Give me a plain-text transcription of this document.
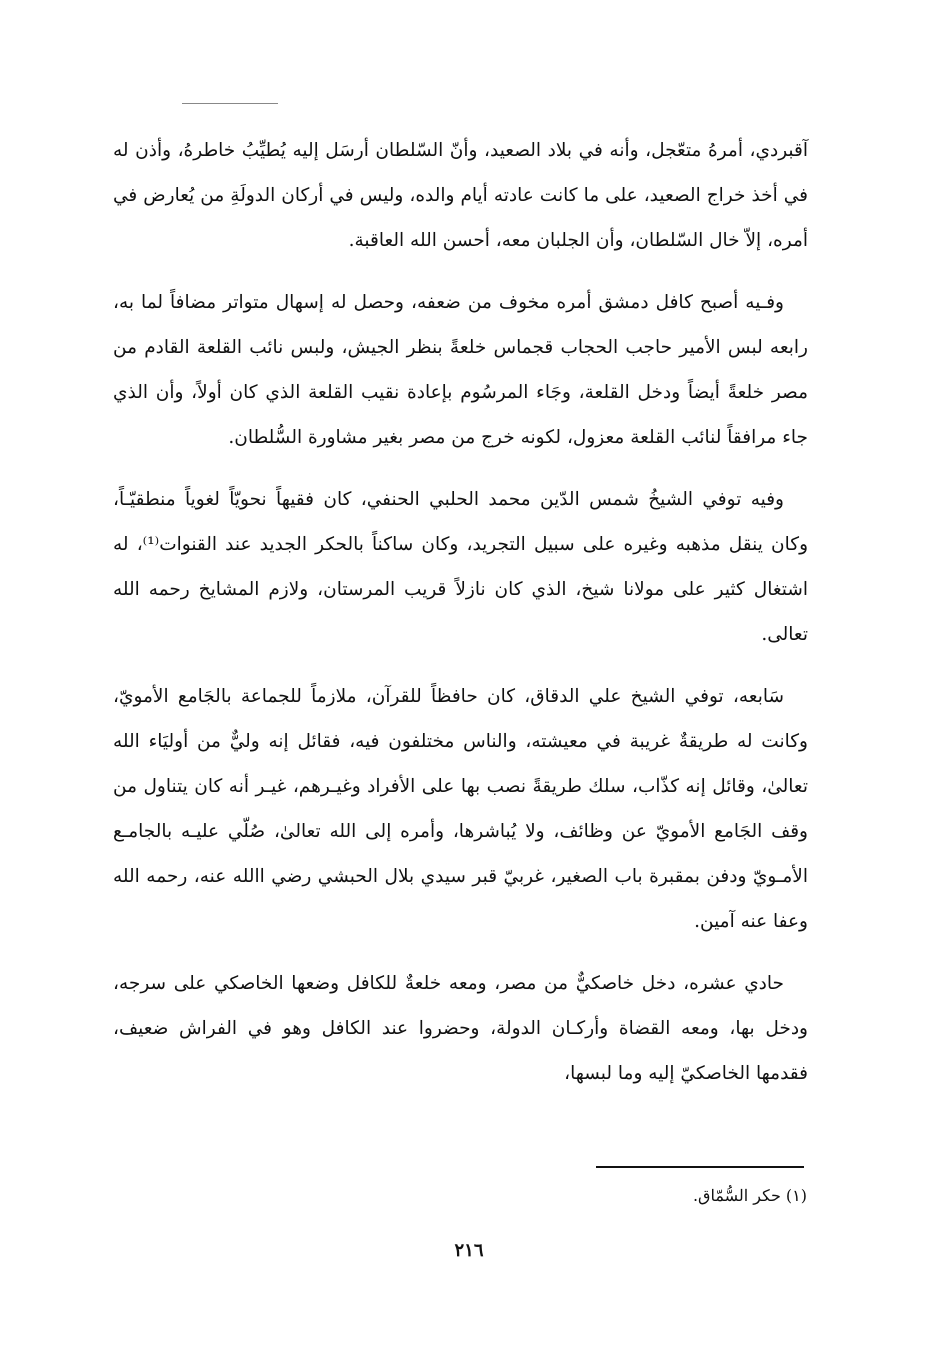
آقبردي، أمرهُ متعّجل، وأنه في بلاد الصعيد، وأنّ السّلطان أرسَل إليه يُطيِّبُ خاطرهُ، وأذن له في أخذ خراج الصعيد، على ما كانت عادته أيام والده، وليس في أركان الدولَةِ من يُعارض في أمره، إلاّ خال السّلطان، وأن الجلبان معه، أحسن الله العاقبة.

وفـيه أصبح كافل دمشق أمره مخوف من ضعفه، وحصل له إسهال متواتر مضافاً لما به، رابعه لبس الأمير حاجب الحجاب قجماس خلعةً بنظر الجيش، ولبس نائب القلعة القادم من مصر خلعةً أيضاً ودخل القلعة، وجَاء المرسُوم بإعادة نقيب القلعة الذي كان أولاً، وأن الذي جاء مرافقاً لنائب القلعة معزول، لكونه خرج من مصر بغير مشاورة السُّلطان.

وفيه توفي الشيخُ شمس الدّين محمد الحلبي الحنفي، كان فقيهاً نحويّاً لغوياً منطقيّـاً، وكان ينقل مذهبه وغيره على سبيل التجريد، وكان ساكناً بالحكر الجديد عند القنوات⁽¹⁾، له اشتغال كثير على مولانا شيخ، الذي كان نازلاً قريب المرستان، ولازم المشايخ رحمه الله تعالى.

سَابعه، توفي الشيخ علي الدقاق، كان حافظاً للقرآن، ملازماً للجماعة بالجَامع الأمويّ، وكانت له طريقةٌ غريبة في معيشته، والناس مختلفون فيه، فقائل إنه وليٌّ من أوليَاء الله تعالىٰ، وقائل إنه كذّاب، سلك طريقةً نصب بها على الأفراد وغيـرهم، غيـر أنه كان يتناول من وقف الجَامع الأمويّ عن وظائف، ولا يُباشرها، وأمره إلى الله تعالىٰ، صُلّي عليـه بالجامـع الأمـويّ ودفن بمقبرة باب الصغير، غربيّ قبر سيدي بلال الحبشي رضي االله عنه، رحمه الله وعفا عنه آمين.

حادي عشره، دخل خاصكيٌّ من مصر، ومعه خلعةٌ للكافل وضعها الخاصكي على سرجه، ودخل بها، ومعه القضاة وأركـان الدولة، وحضروا عند الكافل وهو في الفراش ضعيف، فقدمها الخاصكيّ إليه وما لبسها،

(١) حكر السُّمّاق.
٢١٦
